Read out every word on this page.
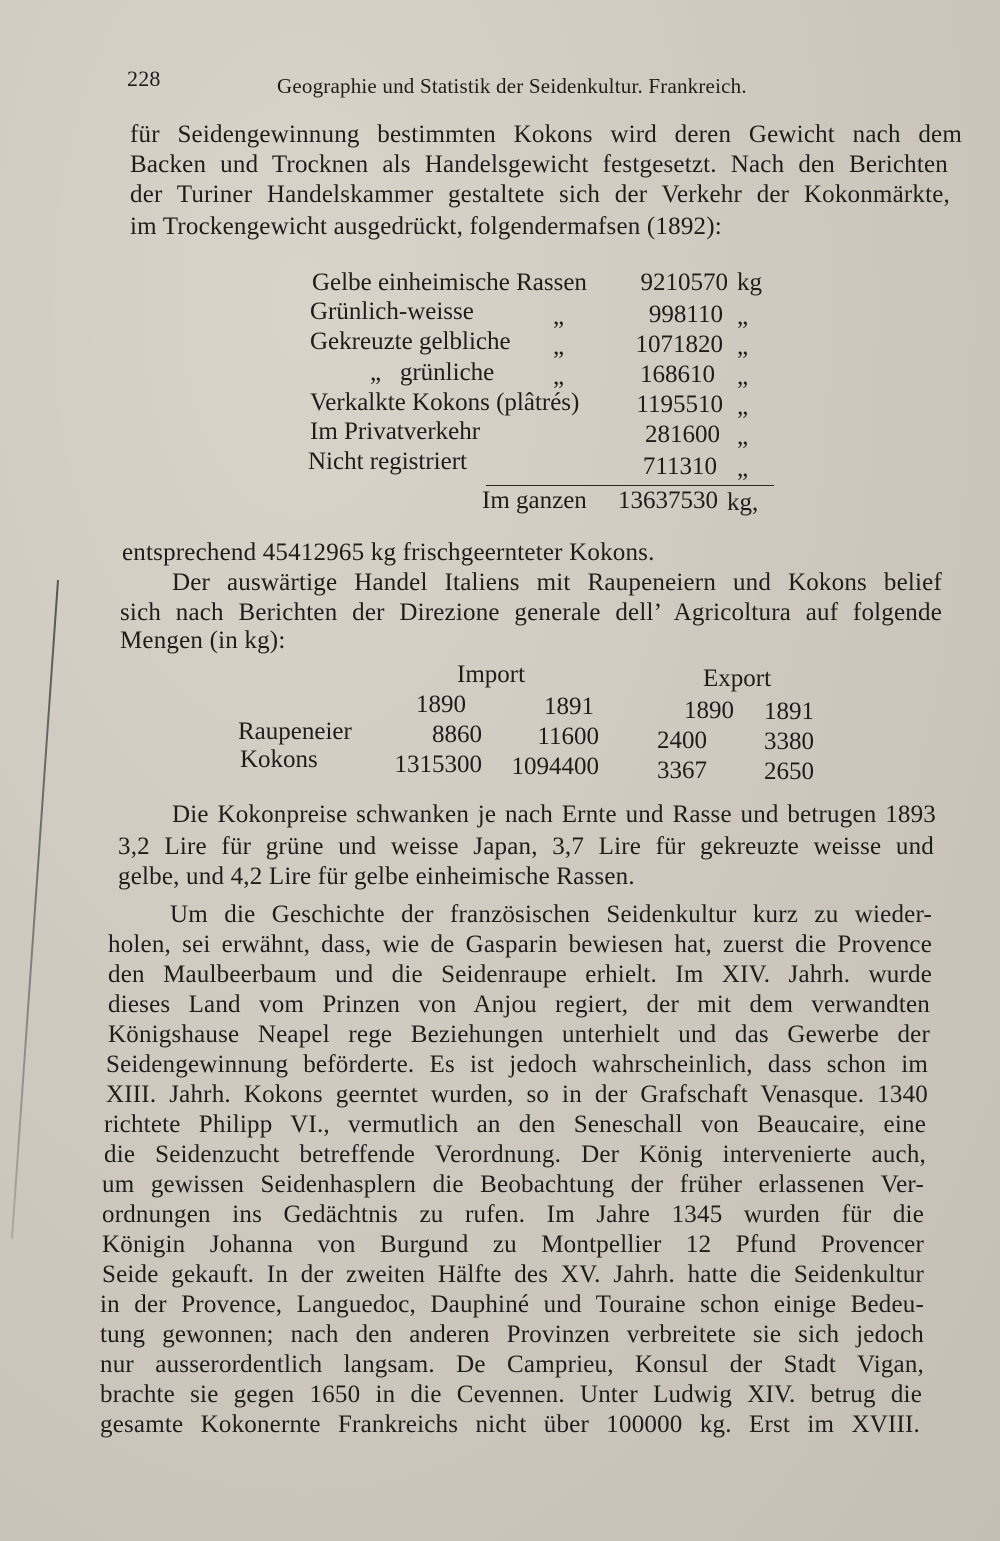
228	Geographie und Statistik der Seidenkultur. Frankreich.
für Seidengewinnung bestimmten Kokons wird deren Gewicht nach dem
Backen und Trocknen als Handelsgewicht festgesetzt. Nach den Berichten
der Turiner Handelskammer gestaltete sich der Verkehr der Kokonmärkte,
im Trockengewicht ausgedrückt, folgendermafsen (1892):
Gelbe einheimische Rassen	9210570 kg
Grünlich-weisse	„	998110 „
Gekreuzte gelbliche „	1071820 „
„   grünliche „	168610 „
Verkalkte Kokons (plâtrés)	1195510 „
Im Privatverkehr	281600 „
Nicht registriert	711310 „
Im ganzen	13637530 kg,
entsprechend 45412965 kg frischgeernteter Kokons.
Der auswärtige Handel Italiens mit Raupeneiern und Kokons belief
sich nach Berichten der Direzione generale dell’ Agricoltura auf folgende
Mengen (in kg):
Import	Export
1890	1891	1890	1891
Raupeneier	8860	11600	2400	3380
Kokons	1315300	1094400	3367	2650
Die Kokonpreise schwanken je nach Ernte und Rasse und betrugen 1893
3,2 Lire für grüne und weisse Japan, 3,7 Lire für gekreuzte weisse und
gelbe, und 4,2 Lire für gelbe einheimische Rassen.
Um die Geschichte der französischen Seidenkultur kurz zu wieder-
holen, sei erwähnt, dass, wie de Gasparin bewiesen hat, zuerst die Provence
den Maulbeerbaum und die Seidenraupe erhielt. Im XIV. Jahrh. wurde
dieses Land vom Prinzen von Anjou regiert, der mit dem verwandten
Königshause Neapel rege Beziehungen unterhielt und das Gewerbe der
Seidengewinnung beförderte. Es ist jedoch wahrscheinlich, dass schon im
XIII. Jahrh. Kokons geerntet wurden, so in der Grafschaft Venasque. 1340
richtete Philipp VI., vermutlich an den Seneschall von Beaucaire, eine
die Seidenzucht betreffende Verordnung. Der König intervenierte auch,
um gewissen Seidenhasplern die Beobachtung der früher erlassenen Ver-
ordnungen ins Gedächtnis zu rufen. Im Jahre 1345 wurden für die
Königin Johanna von Burgund zu Montpellier 12 Pfund Provencer
Seide gekauft. In der zweiten Hälfte des XV. Jahrh. hatte die Seidenkultur
in der Provence, Languedoc, Dauphiné und Touraine schon einige Bedeu-
tung gewonnen; nach den anderen Provinzen verbreitete sie sich jedoch
nur ausserordentlich langsam. De Camprieu, Konsul der Stadt Vigan,
brachte sie gegen 1650 in die Cevennen. Unter Ludwig XIV. betrug die
gesamte Kokonernte Frankreichs nicht über 100000 kg. Erst im XVIII.
